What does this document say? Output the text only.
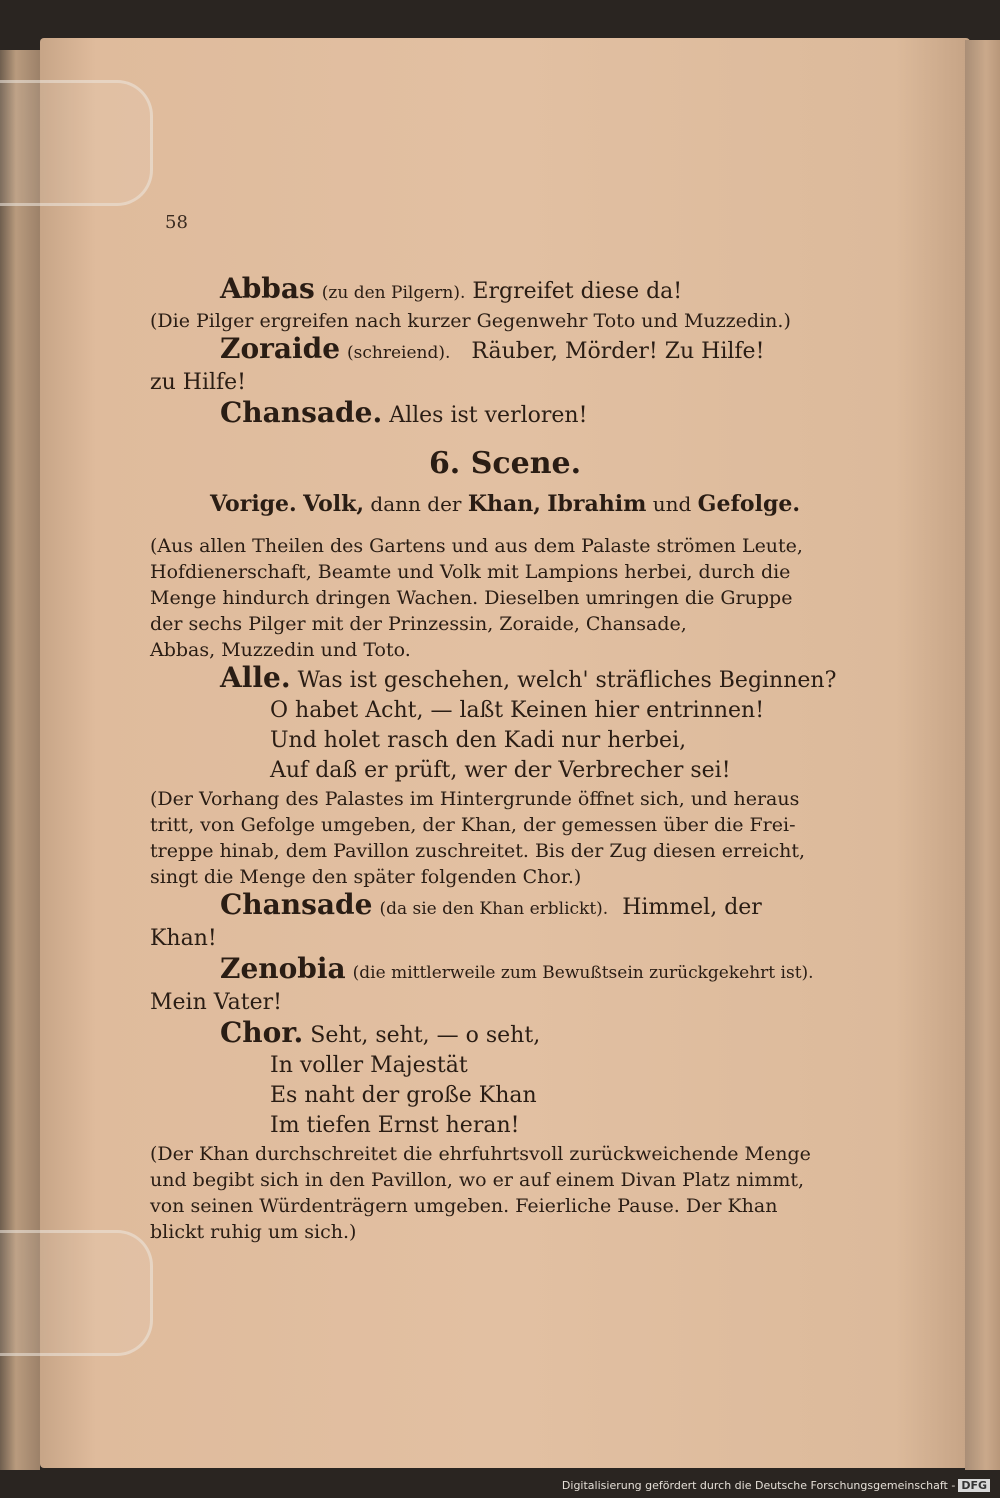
58
Abbas (zu den Pilgern). Ergreifet diese da!
(Die Pilger ergreifen nach kurzer Gegenwehr Toto und Muzzedin.)
Zoraide (schreiend). Räuber, Mörder! Zu Hilfe!
zu Hilfe!
Chansade. Alles ist verloren!
6. Scene.
Vorige. Volk, dann der Khan, Ibrahim und Gefolge.
(Aus allen Theilen des Gartens und aus dem Palaste strömen Leute,
Hofdienerschaft, Beamte und Volk mit Lampions herbei, durch die
Menge hindurch dringen Wachen. Dieselben umringen die Gruppe
der sechs Pilger mit der Prinzessin, Zoraide, Chansade,
Abbas, Muzzedin und Toto.
Alle. Was ist geschehen, welch' sträfliches Beginnen?
O habet Acht, — laßt Keinen hier entrinnen!
Und holet rasch den Kadi nur herbei,
Auf daß er prüft, wer der Verbrecher sei!
(Der Vorhang des Palastes im Hintergrunde öffnet sich, und heraus
tritt, von Gefolge umgeben, der Khan, der gemessen über die Frei-
treppe hinab, dem Pavillon zuschreitet. Bis der Zug diesen erreicht,
singt die Menge den später folgenden Chor.)
Chansade (da sie den Khan erblickt). Himmel, der
Khan!
Zenobia (die mittlerweile zum Bewußtsein zurückgekehrt ist).
Mein Vater!
Chor. Seht, seht, — o seht,
In voller Majestät
Es naht der große Khan
Im tiefen Ernst heran!
(Der Khan durchschreitet die ehrfuhrtsvoll zurückweichende Menge
und begibt sich in den Pavillon, wo er auf einem Divan Platz nimmt,
von seinen Würdenträgern umgeben. Feierliche Pause. Der Khan
blickt ruhig um sich.)
Digitalisierung gefördert durch die Deutsche Forschungsgemeinschaft - DFG
